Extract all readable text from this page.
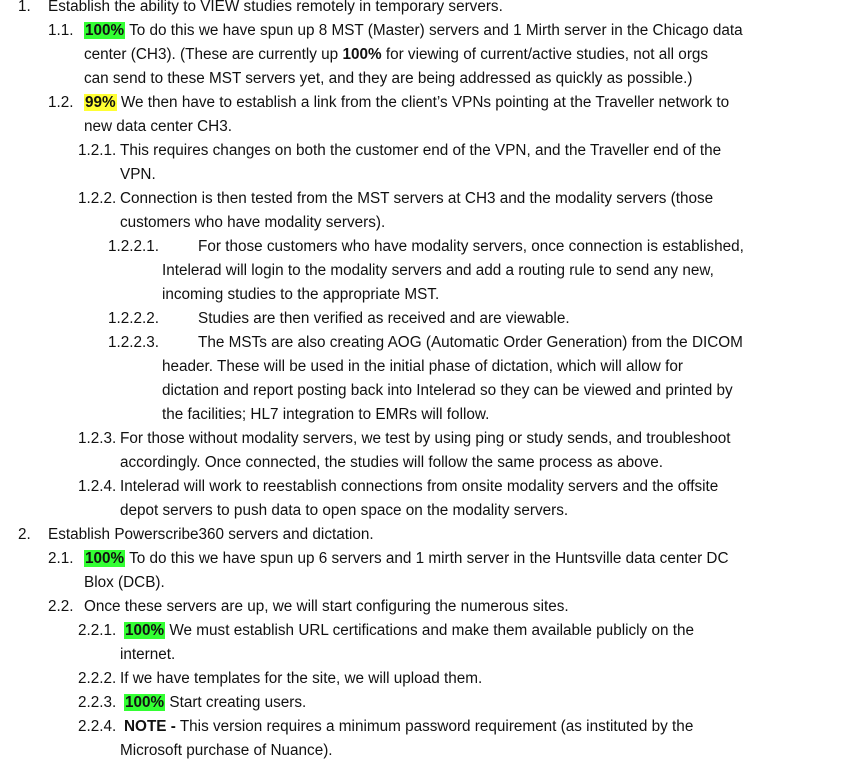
1. Establish the ability to VIEW studies remotely in temporary servers.
1.1. 100% To do this we have spun up 8 MST (Master) servers and 1 Mirth server in the Chicago data
center (CH3). (These are currently up 100% for viewing of current/active studies, not all orgs
can send to these MST servers yet, and they are being addressed as quickly as possible.)
1.2. 99% We then have to establish a link from the client’s VPNs pointing at the Traveller network to
new data center CH3.
1.2.1. This requires changes on both the customer end of the VPN, and the Traveller end of the
VPN.
1.2.2. Connection is then tested from the MST servers at CH3 and the modality servers (those
customers who have modality servers).
1.2.2.1.	For those customers who have modality servers, once connection is established,
Intelerad will login to the modality servers and add a routing rule to send any new,
incoming studies to the appropriate MST.
1.2.2.2.	Studies are then verified as received and are viewable.
1.2.2.3.	The MSTs are also creating AOG (Automatic Order Generation) from the DICOM
header. These will be used in the initial phase of dictation, which will allow for
dictation and report posting back into Intelerad so they can be viewed and printed by
the facilities; HL7 integration to EMRs will follow.
1.2.3. For those without modality servers, we test by using ping or study sends, and troubleshoot
accordingly. Once connected, the studies will follow the same process as above.
1.2.4. Intelerad will work to reestablish connections from onsite modality servers and the offsite
depot servers to push data to open space on the modality servers.
2. Establish Powerscribe360 servers and dictation.
2.1. 100% To do this we have spun up 6 servers and 1 mirth server in the Huntsville data center DC
Blox (DCB).
2.2. Once these servers are up, we will start configuring the numerous sites.
2.2.1. 100% We must establish URL certifications and make them available publicly on the
internet.
2.2.2. If we have templates for the site, we will upload them.
2.2.3. 100% Start creating users.
2.2.4. NOTE - This version requires a minimum password requirement (as instituted by the
Microsoft purchase of Nuance).
